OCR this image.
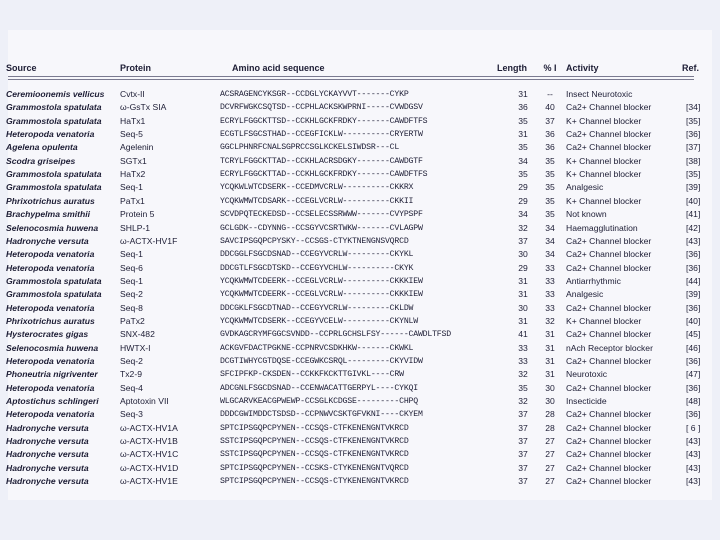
Source	Protein	Amino acid sequence	Length	% I	Activity	Ref.
Ceremioonemis vellicus	Cvtx-II	ACSRAGENCYKSGR--CCDGLYCKAYVVT-------CYKP	31	--	Insect Neurotoxic
Grammostola spatulata	ω-GsTx SIA	DCVRFWGKCSQTSD--CCPHLACKSKWPRNI-----CVWDGSV	36	40	Ca2+ Channel blocker	[34]
Grammostola spatulata	HaTx1	ECRYLFGGCKTTSD--CCKHLGCKFRDKY-------CAWDFTFS	35	37	K+ Channel blocker	[35]
Heteropoda venatoria	Seq-5	ECGTLFSGCSTHAD--CCEGFICKLW----------CRYERTW	31	36	Ca2+ Channel blocker	[36]
Agelena opulenta	Agelenin	GGCLPHNRFCNALSGPRCCSGLKCKELSIWDSR---CL	35	36	Ca2+ Channel blocker	[37]
Scodra griseipes	SGTx1	TCRYLFGGCKTTAD--CCKHLACRSDGKY-------CAWDGTF	34	35	K+ Channel blocker	[38]
Grammostola spatulata	HaTx2	ECRYLFGGCKTTAD--CCKHLGCKFRDKY-------CAWDFTFS	35	35	K+ Channel blocker	[35]
Grammostola spatulata	Seq-1	YCQKWLWTCDSERK--CCEDMVCRLW----------CKKRX	29	35	Analgesic	[39]
Phrixotrichus auratus	PaTx1	YCQKWMWTCDSARK--CCEGLVCRLW----------CKKII	29	35	K+ Channel blocker	[40]
Brachypelma smithii	Protein 5	SCVDPQTECKEDSD--CCSELECSSRWWW-------CVYPSPF	34	35	Not known	[41]
Selenocosmia huwena	SHLP-1	GCLGDK--CDYNNG--CCSGYVCSRTWKW-------CVLAGPW	32	34	Haemagglutination	[42]
Hadronyche versuta	ω-ACTX-HV1F	SAVCIPSGQPCPYSKY--CCSGS-CTYKTNENGNSVQRCD	37	34	Ca2+ Channel blocker	[43]
Heteropoda venatoria	Seq-1	DDCGGLFSGCDSNAD--CCEGYVCRLW---------CKYKL	30	34	Ca2+ Channel blocker	[36]
Heteropoda venatoria	Seq-6	DDCGTLFSGCDTSKD--CCEGYVCHLW----------CKYK	29	33	Ca2+ Channel blocker	[36]
Grammostola spatulata	Seq-1	YCQKWMWTCDEERK--CCEGLVCRLW----------CKKKIEW	31	33	Antiarrhythmic	[44]
Grammostola spatulata	Seq-2	YCQKWMWTCDEERK--CCEGLVCRLW----------CKKKIEW	31	33	Analgesic	[39]
Heteropoda venatoria	Seq-8	DDCGKLFSGCDTNAD--CCEGYVCRLW---------CKLDW	30	33	Ca2+ Channel blocker	[36]
Phrixotrichus auratus	PaTx2	YCQKWMWTCDSERK--CCEGYVCELW----------CKYNLW	31	32	K+ Channel blocker	[40]
Hysterocrates gigas	SNX-482	GVDKAGCRYMFGGCSVNDD--CCPRLGCHSLFSY------CAWDLTFSD	41	31	Ca2+ Channel blocker	[45]
Selenocosmia huwena	HWTX-I	ACKGVFDACTPGKNE-CCPNRVCSDKHKW-------CKWKL	33	31	nAch Receptor blocker	[46]
Heteropoda venatoria	Seq-2	DCGTIWHYCGTDQSE-CCEGWKCSRQL---------CKYVIDW	33	31	Ca2+ Channel blocker	[36]
Phoneutria nigriventer	Tx2-9	SFCIPFKP-CKSDEN--CCKKFKCKTTGIVKL----CRW	32	31	Neurotoxic	[47]
Heteropoda venatoria	Seq-4	ADCGNLFSGCDSNAD--CCENWACATTGERPYL----CYKQI	35	30	Ca2+ Channel blocker	[36]
Aptostichus schlingeri	Aptotoxin VII	WLGCARVKEACGPWEWP-CCSGLKCDGSE---------CHPQ	32	30	Insecticide	[48]
Heteropoda venatoria	Seq-3	DDDCGWIMDDCTSDSD--CCPNWVCSKTGFVKNI----CKYEM	37	28	Ca2+ Channel blocker	[36]
Hadronyche versuta	ω-ACTX-HV1A	SPTCIPSGQPCPYNEN--CCSQS-CTFKENENGNTVKRCD	37	28	Ca2+ Channel blocker	[ 6 ]
Hadronyche versuta	ω-ACTX-HV1B	SSTCIPSGQPCPYNEN--CCSQS-CTFKENENGNTVKRCD	37	27	Ca2+ Channel blocker	[43]
Hadronyche versuta	ω-ACTX-HV1C	SSTCIPSGQPCPYNEN--CCSQS-CTFKENENGNTVKRCD	37	27	Ca2+ Channel blocker	[43]
Hadronyche versuta	ω-ACTX-HV1D	SPTCIPSGQPCPYNEN--CCSKS-CTYKENENGNTVQRCD	37	27	Ca2+ Channel blocker	[43]
Hadronyche versuta	ω-ACTX-HV1E	SPTCIPSGQPCPYNEN--CCSQS-CTYKENENGNTVKRCD	37	27	Ca2+ Channel blocker	[43]
